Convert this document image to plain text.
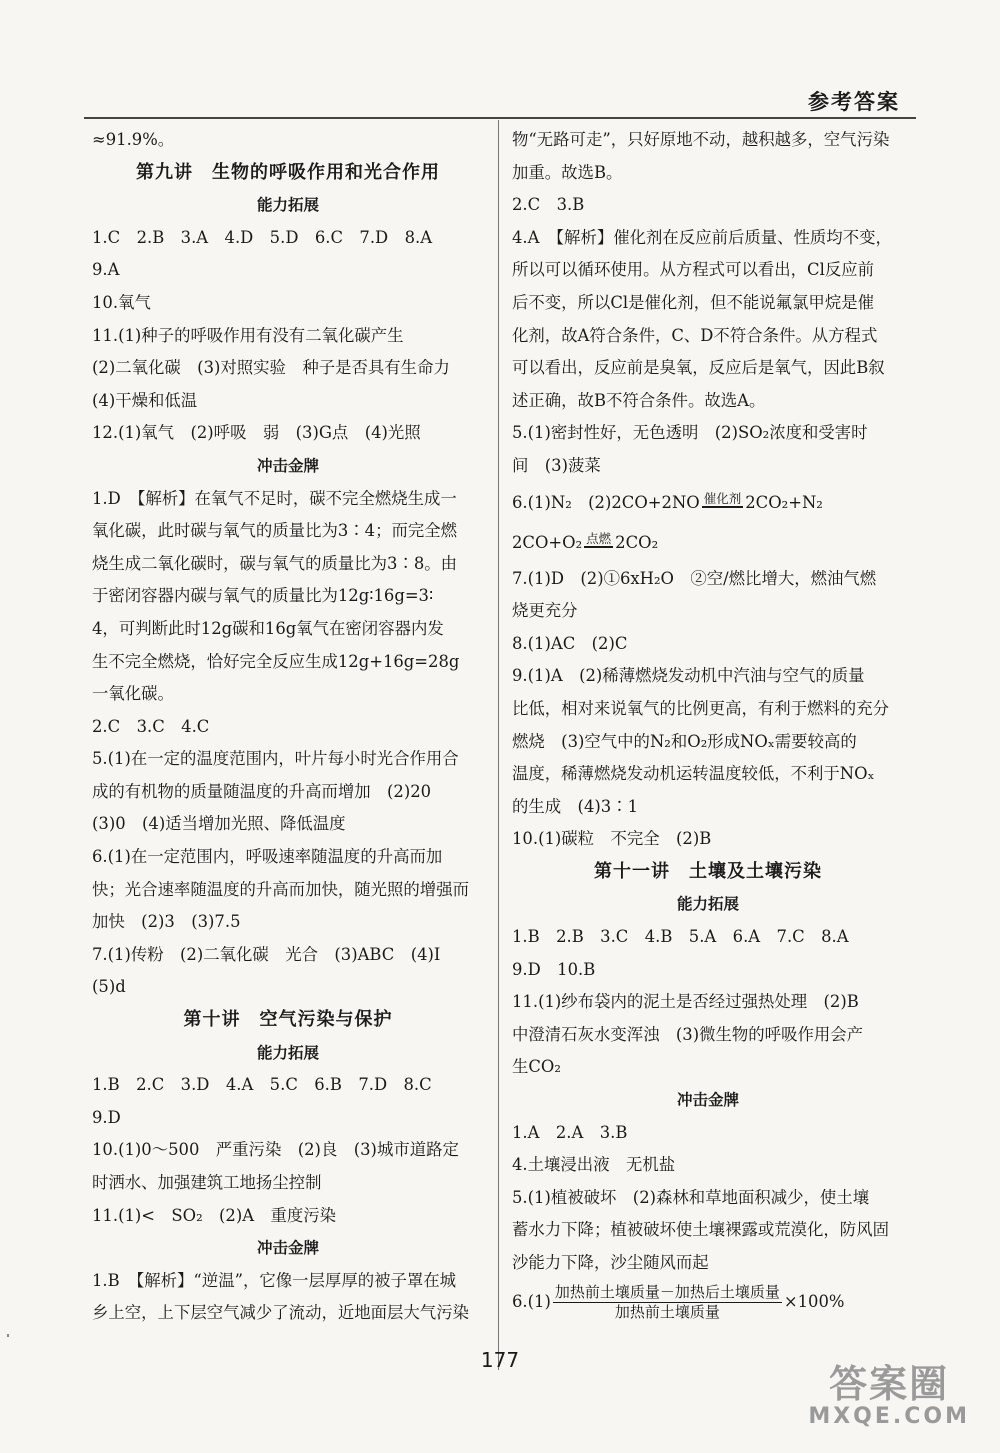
参考答案
≈91.9%。
第九讲　生物的呼吸作用和光合作用
能力拓展
1.C　2.B　3.A　4.D　5.D　6.C　7.D　8.A
9.A
10.氧气
11.(1)种子的呼吸作用有没有二氧化碳产生
(2)二氧化碳　(3)对照实验　种子是否具有生命力
(4)干燥和低温
12.(1)氧气　(2)呼吸　弱　(3)G点　(4)光照
冲击金牌
1.D　【解析】在氧气不足时，碳不完全燃烧生成一
氧化碳，此时碳与氧气的质量比为3∶4；而完全燃
烧生成二氧化碳时，碳与氧气的质量比为3∶8。由
于密闭容器内碳与氧气的质量比为12g∶16g=3∶
4，可判断此时12g碳和16g氧气在密闭容器内发
生不完全燃烧，恰好完全反应生成12g+16g=28g
一氧化碳。
2.C　3.C　4.C
5.(1)在一定的温度范围内，叶片每小时光合作用合
成的有机物的质量随温度的升高而增加　(2)20
(3)0　(4)适当增加光照、降低温度
6.(1)在一定范围内，呼吸速率随温度的升高而加
快；光合速率随温度的升高而加快，随光照的增强而
加快　(2)3　(3)7.5
7.(1)传粉　(2)二氧化碳　光合　(3)ABC　(4)Ⅰ
(5)d
第十讲　空气污染与保护
能力拓展
1.B　2.C　3.D　4.A　5.C　6.B　7.D　8.C
9.D
10.(1)0～500　严重污染　(2)良　(3)城市道路定
时洒水、加强建筑工地扬尘控制
11.(1)<　SO₂　(2)A　重度污染
冲击金牌
1.B　【解析】“逆温”，它像一层厚厚的被子罩在城
乡上空，上下层空气减少了流动，近地面层大气污染
物“无路可走”，只好原地不动，越积越多，空气污染
加重。故选B。
2.C　3.B
4.A　【解析】催化剂在反应前后质量、性质均不变，
所以可以循环使用。从方程式可以看出，Cl反应前
后不变，所以Cl是催化剂，但不能说氟氯甲烷是催
化剂，故A符合条件，C、D不符合条件。从方程式
可以看出，反应前是臭氧，反应后是氧气，因此B叙
述正确，故B不符合条件。故选A。
5.(1)密封性好，无色透明　(2)SO₂浓度和受害时
间　(3)菠菜
6.(1)N₂　(2)2CO+2NO 催化剂
2CO₂+N₂
2CO+O₂ 点燃
2CO₂
7.(1)D　(2)①6xH₂O　②空/燃比增大，燃油气燃
烧更充分
8.(1)AC　(2)C
9.(1)A　(2)稀薄燃烧发动机中汽油与空气的质量
比低，相对来说氧气的比例更高，有利于燃料的充分
燃烧　(3)空气中的N₂和O₂形成NOₓ需要较高的
温度，稀薄燃烧发动机运转温度较低，不利于NOₓ
的生成　(4)3∶1
10.(1)碳粒　不完全　(2)B
第十一讲　土壤及土壤污染
能力拓展
1.B　2.B　3.C　4.B　5.A　6.A　7.C　8.A
9.D　10.B
11.(1)纱布袋内的泥土是否经过强热处理　(2)B
中澄清石灰水变浑浊　(3)微生物的呼吸作用会产
生CO₂
冲击金牌
1.A　2.A　3.B
4.土壤浸出液　无机盐
5.(1)植被破坏　(2)森林和草地面积减少，使土壤
蓄水力下降；植被破坏使土壤裸露或荒漠化，防风固
沙能力下降，沙尘随风而起
$6.(1) \frac{\text{加热前土壤质量－加热后土壤质量}}{\text{加热前土壤质量}} \times 100\%$
177
答案圈
MXQE.COM
